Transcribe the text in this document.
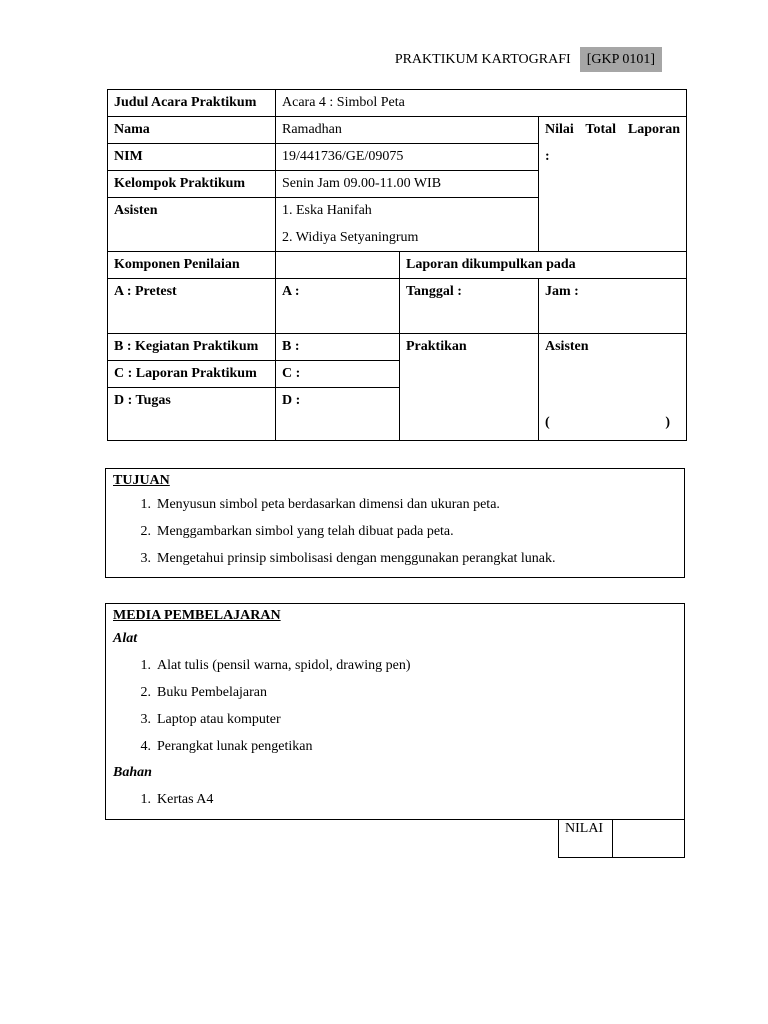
PRAKTIKUM KARTOGRAFI	[GKP 0101]
Judul Acara Praktikum	Acara 4 : Simbol Peta		
Nama	Ramadhan		Nilai Total Laporan
:

NIM	19/441736/GE/09075		
Kelompok Praktikum	Senin Jam 09.00-11.00 WIB		
Asisten	1. Eska Hanifah
2. Widiya Setyaningrum		

Komponen Penilaian		Laporan dikumpulkan pada	
A : Pretest	A :	Tanggal :	Jam :
B : Kegiatan Praktikum	B :	Praktikan	Asisten
( )

C : Laporan Praktikum	C :		
D : Tugas	D :		
TUJUAN
1. Menyusun simbol peta berdasarkan dimensi dan ukuran peta.
2. Menggambarkan simbol yang telah dibuat pada peta.
3. Mengetahui prinsip simbolisasi dengan menggunakan perangkat lunak.
MEDIA PEMBELAJARAN
Alat
1. Alat tulis (pensil warna, spidol, drawing pen)
2. Buku Pembelajaran
3. Laptop atau komputer
4. Perangkat lunak pengetikan
Bahan
1. Kertas A4
NILAI
